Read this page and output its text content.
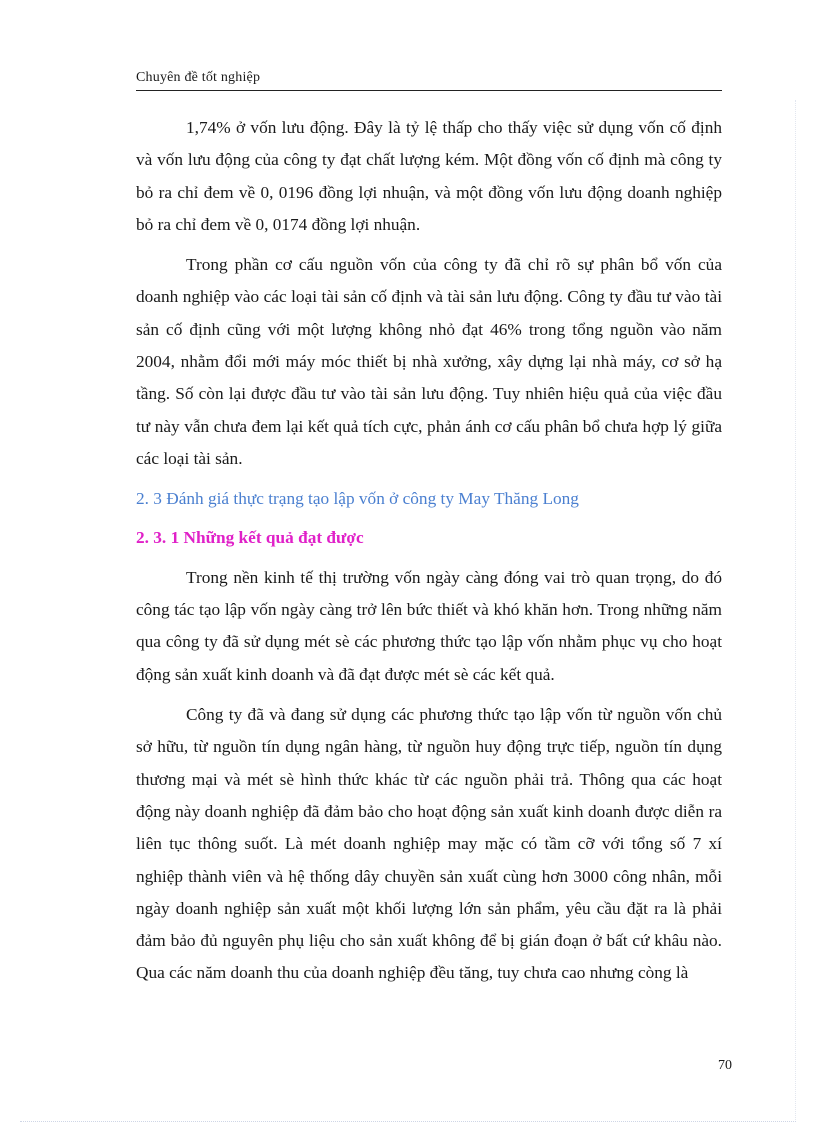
Chuyên đề tốt nghiệp

1,74% ở vốn lưu động. Đây là tỷ lệ thấp cho thấy việc sử dụng vốn cố định và vốn lưu động của công ty đạt chất lượng kém. Một đồng vốn cố định mà công ty bỏ ra chỉ đem về 0, 0196 đồng lợi nhuận, và một đồng vốn lưu động doanh nghiệp bỏ ra chỉ đem về 0, 0174 đồng lợi nhuận.

Trong phần cơ cấu nguồn vốn của công ty đã chỉ rõ sự phân bổ vốn của doanh nghiệp vào các loại tài sản cố định và tài sản lưu động. Công ty đầu tư vào tài sản cố định cũng với một lượng không nhỏ đạt 46% trong tổng nguồn vào năm 2004, nhằm đổi mới máy móc thiết bị nhà xưởng, xây dựng lại nhà máy, cơ sở hạ tầng. Số còn lại được đầu tư vào tài sản lưu động. Tuy nhiên hiệu quả của việc đầu tư này vẫn chưa đem lại kết quả tích cực, phản ánh cơ cấu phân bổ chưa hợp lý giữa các loại tài sản.

2. 3 Đánh giá thực trạng tạo lập vốn ở công ty May Thăng Long

2. 3. 1 Những kết quả đạt được

Trong nền kinh tế thị trường vốn ngày càng đóng vai trò quan trọng, do đó công tác tạo lập vốn ngày càng trở lên bức thiết và khó khăn hơn. Trong những năm qua công ty đã sử dụng mét sè các phương thức tạo lập vốn nhằm phục vụ cho hoạt động sản xuất kinh doanh và đã đạt được mét sè các kết quả.

Công ty đã và đang sử dụng các phương thức tạo lập vốn từ nguồn vốn chủ sở hữu, từ nguồn tín dụng ngân hàng, từ nguồn huy động trực tiếp, nguồn tín dụng thương mại và mét sè hình thức khác từ các nguồn phải trả. Thông qua các hoạt động này doanh nghiệp đã đảm bảo cho hoạt động sản xuất kinh doanh được diễn ra liên tục thông suốt. Là mét doanh nghiệp may mặc có tầm cỡ với tổng số 7 xí nghiệp thành viên và hệ thống dây chuyền sản xuất cùng hơn 3000 công nhân, mỗi ngày doanh nghiệp sản xuất một khối lượng lớn sản phẩm, yêu cầu đặt ra là phải đảm bảo đủ nguyên phụ liệu cho sản xuất không để bị gián đoạn ở bất cứ khâu nào. Qua các năm doanh thu của doanh nghiệp đều tăng, tuy chưa cao nhưng còng là

70
